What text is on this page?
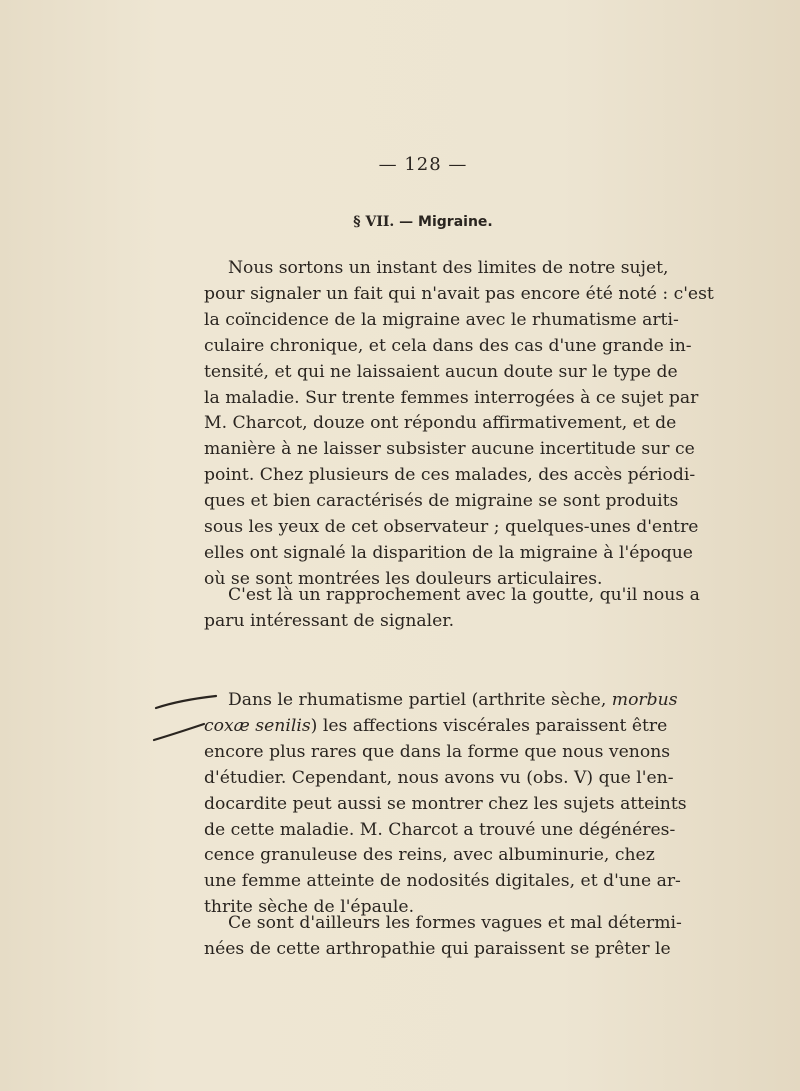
— 128 —
§ VII. — Migraine.
Nous sortons un instant des limites de notre sujet,
pour signaler un fait qui n'avait pas encore été noté : c'est
la coïncidence de la migraine avec le rhumatisme arti-
culaire chronique, et cela dans des cas d'une grande in-
tensité, et qui ne laissaient aucun doute sur le type de
la maladie. Sur trente femmes interrogées à ce sujet par
M. Charcot, douze ont répondu affirmativement, et de
manière à ne laisser subsister aucune incertitude sur ce
point. Chez plusieurs de ces malades, des accès périodi-
ques et bien caractérisés de migraine se sont produits
sous les yeux de cet observateur ; quelques-unes d'entre
elles ont signalé la disparition de la migraine à l'époque
où se sont montrées les douleurs articulaires.
C'est là un rapprochement avec la goutte, qu'il nous a
paru intéressant de signaler.
Dans le rhumatisme partiel (arthrite sèche, morbus
coxæ senilis) les affections viscérales paraissent être
encore plus rares que dans la forme que nous venons
d'étudier. Cependant, nous avons vu (obs. V) que l'en-
docardite peut aussi se montrer chez les sujets atteints
de cette maladie. M. Charcot a trouvé une dégénéres-
cence granuleuse des reins, avec albuminurie, chez
une femme atteinte de nodosités digitales, et d'une ar-
thrite sèche de l'épaule.
Ce sont d'ailleurs les formes vagues et mal détermi-
nées de cette arthropathie qui paraissent se prêter le
